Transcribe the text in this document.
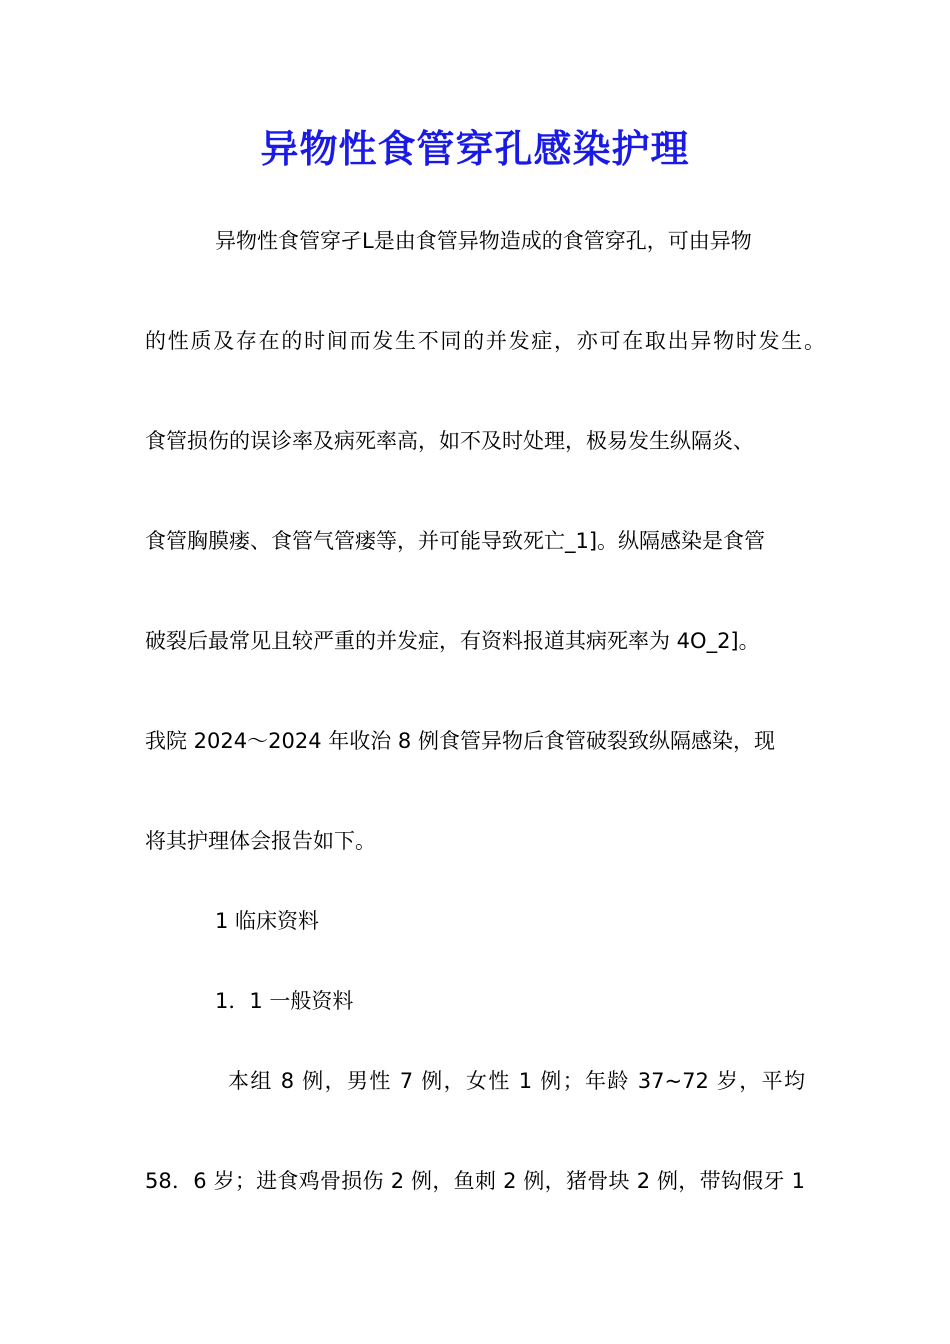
异物性食管穿孔感染护理

异物性食管穿孑L是由食管异物造成的食管穿孔，可由异物

的性质及存在的时间而发生不同的并发症，亦可在取出异物时发生。

食管损伤的误诊率及病死率高，如不及时处理，极易发生纵隔炎、

食管胸膜瘘、食管气管瘘等，并可能导致死亡_1]。纵隔感染是食管

破裂后最常见且较严重的并发症，有资料报道其病死率为 4O_2]。

我院 2024～2024 年收治 8 例食管异物后食管破裂致纵隔感染，现

将其护理体会报告如下。

1 临床资料

1．1 一般资料

本组 8 例，男性 7 例，女性 1 例；年龄 37~72 岁，平均

58．6 岁；进食鸡骨损伤 2 例，鱼刺 2 例，猪骨块 2 例，带钩假牙 1
